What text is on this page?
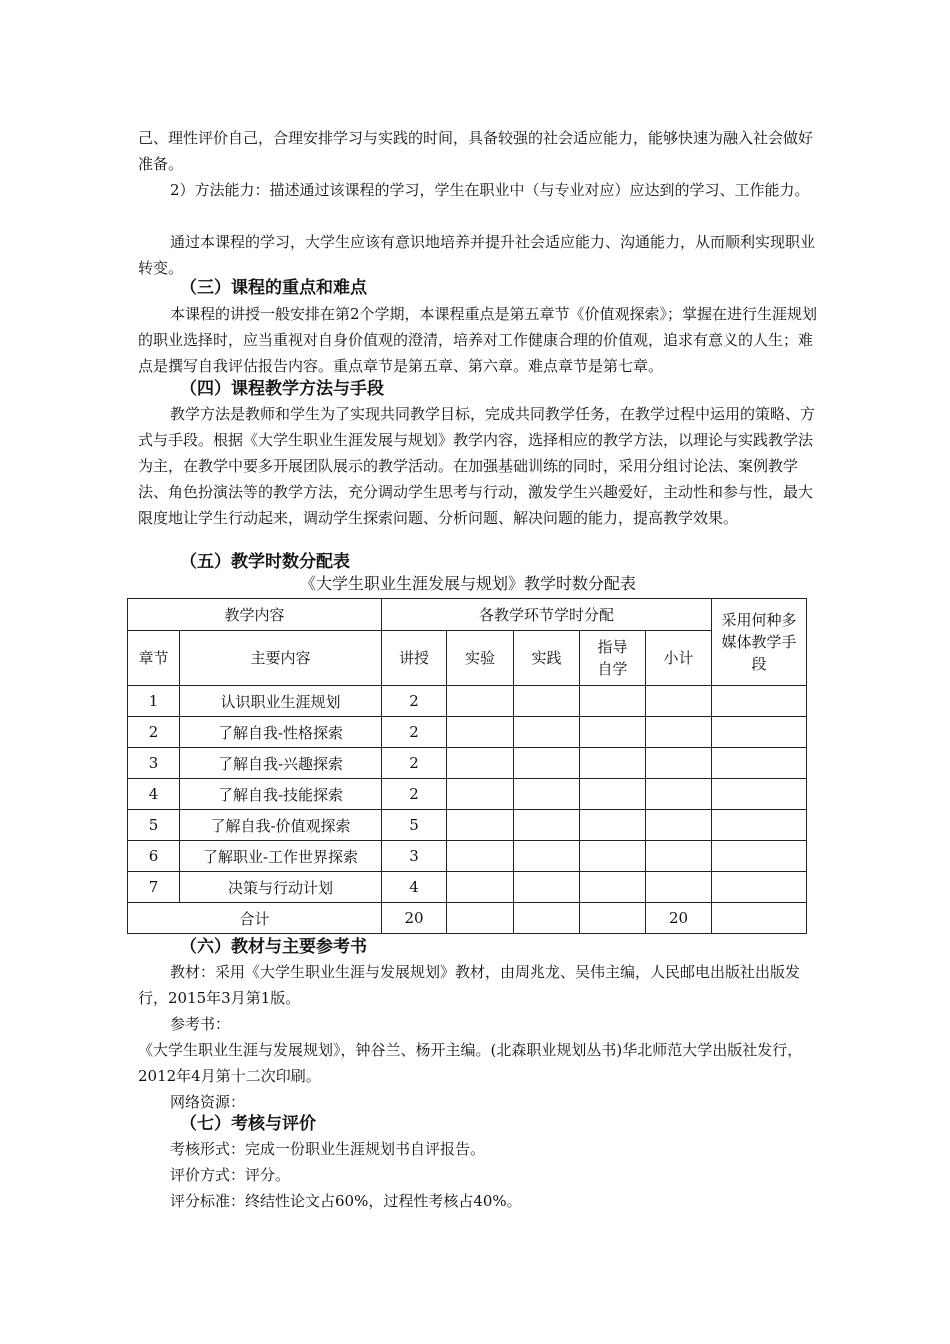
己、理性评价自己，合理安排学习与实践的时间，具备较强的社会适应能力，能够快速为融入社会做好准备。

2）方法能力：描述通过该课程的学习，学生在职业中（与专业对应）应达到的学习、工作能力。

通过本课程的学习，大学生应该有意识地培养并提升社会适应能力、沟通能力，从而顺利实现职业转变。

（三）课程的重点和难点

本课程的讲授一般安排在第2个学期，本课程重点是第五章节《价值观探索》；掌握在进行生涯规划的职业选择时，应当重视对自身价值观的澄清，培养对工作健康合理的价值观，追求有意义的人生；难点是撰写自我评估报告内容。重点章节是第五章、第六章。难点章节是第七章。

（四）课程教学方法与手段

教学方法是教师和学生为了实现共同教学目标，完成共同教学任务，在教学过程中运用的策略、方式与手段。根据《大学生职业生涯发展与规划》教学内容，选择相应的教学方法，以理论与实践教学法为主，在教学中要多开展团队展示的教学活动。在加强基础训练的同时，采用分组讨论法、案例教学法、角色扮演法等的教学方法，充分调动学生思考与行动，激发学生兴趣爱好，主动性和参与性，最大限度地让学生行动起来，调动学生探索问题、分析问题、解决问题的能力，提高教学效果。

（五）教学时数分配表
《大学生职业生涯发展与规划》教学时数分配表
教学内容		各教学环节学时分配					采用何种多媒体教学手段
章节	主要内容	讲授	实验	实践	指导自学	小计	
1	认识职业生涯规划	2					
2	了解自我-性格探索	2					
3	了解自我-兴趣探索	2					
4	了解自我-技能探索	2					
5	了解自我-价值观探索	5					
6	了解职业-工作世界探索	3					
7	决策与行动计划	4					
合计		20				20	
（六）教材与主要参考书

教材：采用《大学生职业生涯与发展规划》教材，由周兆龙、吴伟主编，人民邮电出版社出版发行，2015年3月第1版。

参考书：

《大学生职业生涯与发展规划》，钟谷兰、杨开主编。(北森职业规划丛书)华北师范大学出版社发行，2012年4月第十二次印刷。

网络资源：

（七）考核与评价

考核形式：完成一份职业生涯规划书自评报告。

评价方式：评分。

评分标准：终结性论文占60%，过程性考核占40%。
